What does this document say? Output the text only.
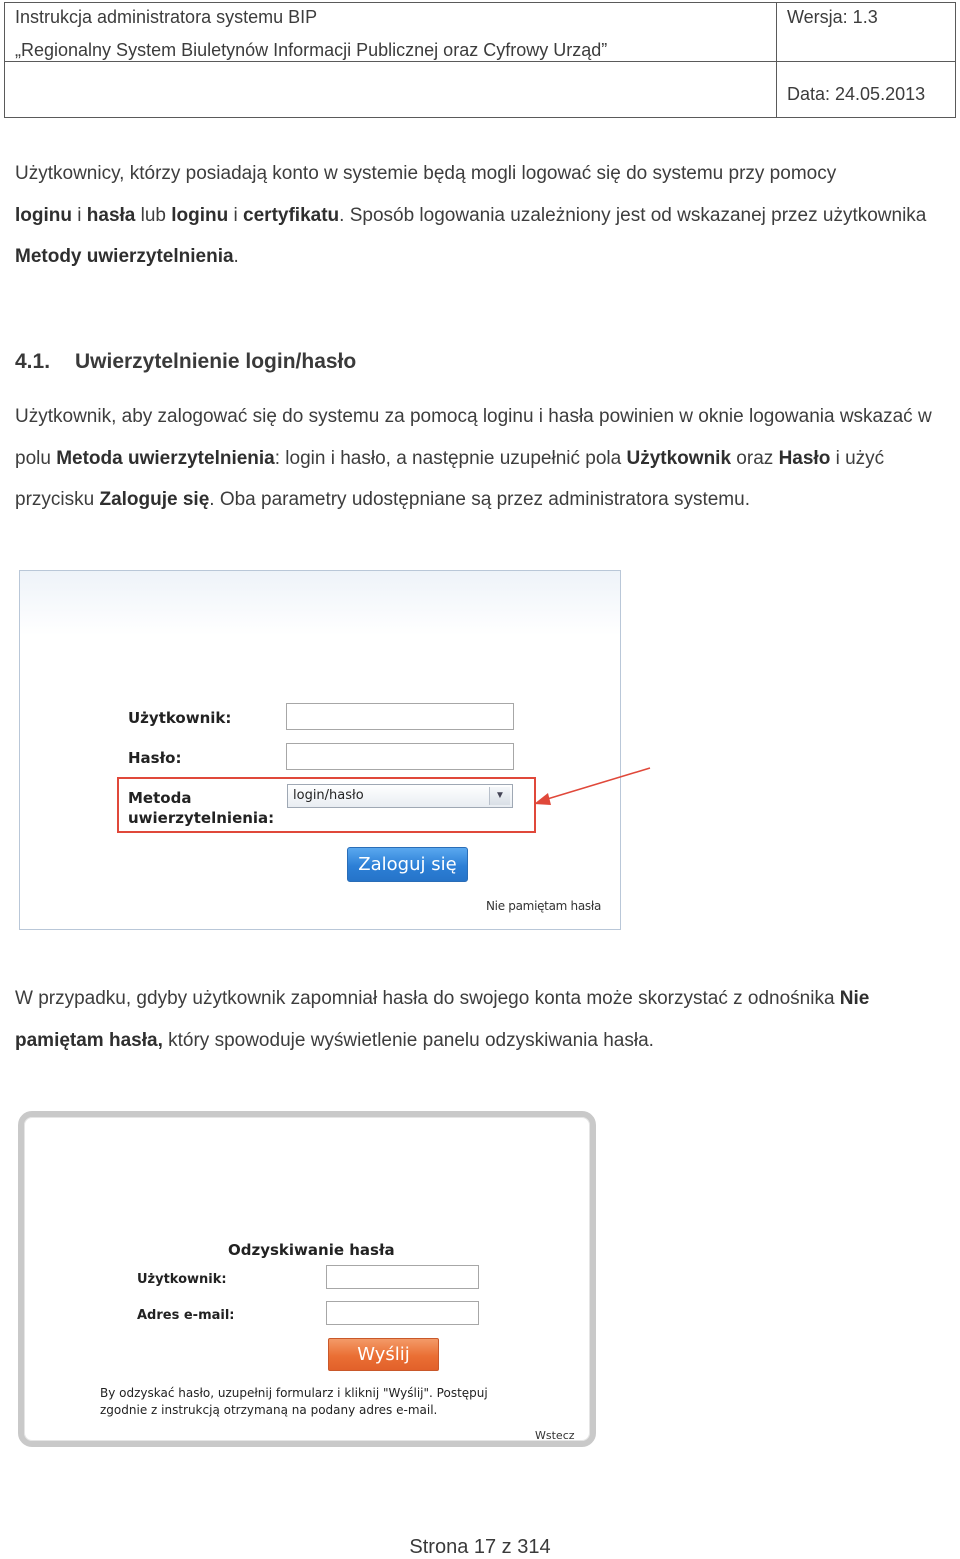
Instrukcja administratora systemu BIP
„Regionalny System Biuletynów Informacji Publicznej oraz Cyfrowy Urząd”	Wersja: 1.3

	Data: 24.05.2013

Użytkownicy, którzy posiadają konto w systemie będą mogli logować się do systemu przy pomocy
loginu i hasła lub loginu i certyfikatu. Sposób logowania uzależniony jest od wskazanej przez użytkownika Metody uwierzytelnienia.

4.1. Uwierzytelnienie login/hasło

Użytkownik, aby zalogować się do systemu za pomocą loginu i hasła powinien w oknie logowania wskazać w polu Metoda uwierzytelnienia: login i hasło, a następnie uzupełnić pola Użytkownik oraz Hasło i użyć przycisku Zaloguje się. Oba parametry udostępniane są przez administratora systemu.

Użytkownik:
Hasło:
Metoda
uwierzytelnienia:
login/hasło	▼
Zaloguj się
Nie pamiętam hasła

W przypadku, gdyby użytkownik zapomniał hasła do swojego konta może skorzystać z odnośnika Nie pamiętam hasła, który spowoduje wyświetlenie panelu odzyskiwania hasła.

Odzyskiwanie hasła
Użytkownik:
Adres e-mail:
Wyślij
By odzyskać hasło, uzupełnij formularz i kliknij "Wyślij". Postępuj zgodnie z instrukcją otrzymaną na podany adres e-mail.
Wstecz
Strona 17 z 314
